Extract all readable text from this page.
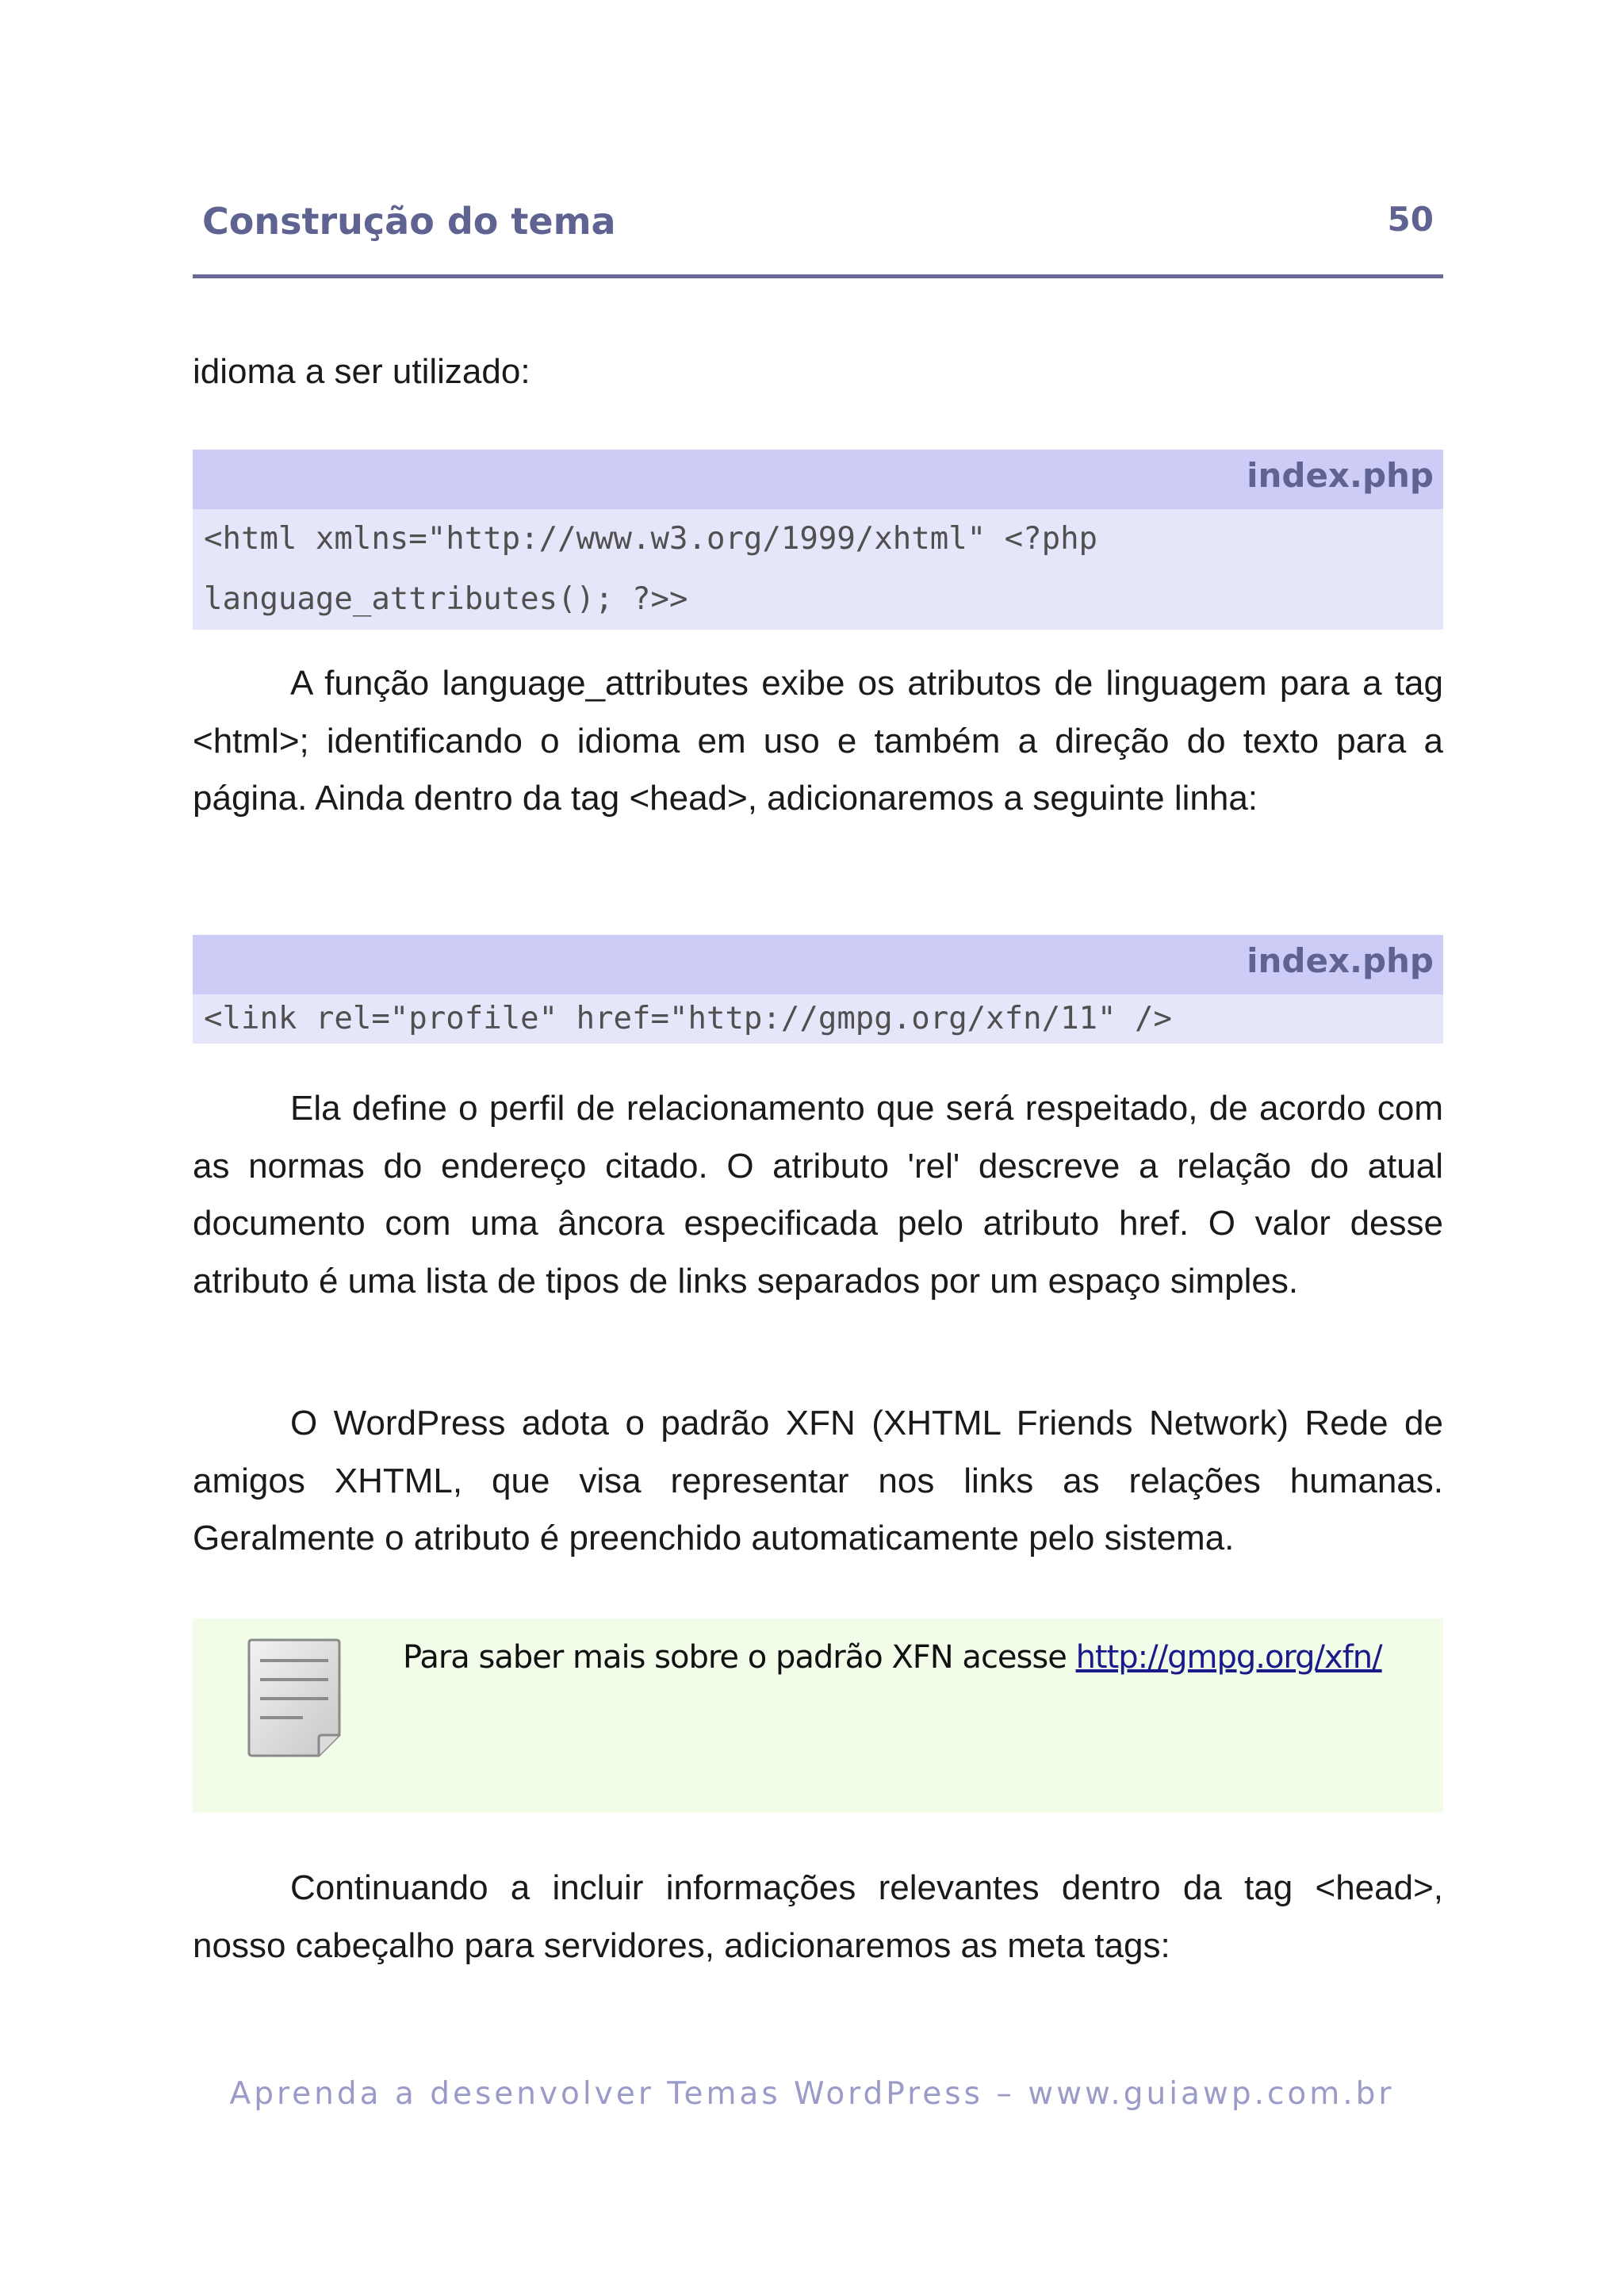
Construção do tema	50
idioma a ser utilizado:
index.php
<html xmlns="http://www.w3.org/1999/xhtml" <?php
language_attributes(); ?>>
A função language_attributes exibe os atributos de linguagem para a tag <html>; identificando o idioma em uso e também a direção do texto para a página. Ainda dentro da tag <head>, adicionaremos a seguinte linha:
index.php
<link rel="profile" href="http://gmpg.org/xfn/11" />
Ela define o perfil de relacionamento que será respeitado, de acordo com as normas do endereço citado. O atributo 'rel' descreve a relação do atual documento com uma âncora especificada pelo atributo href. O valor desse atributo é uma lista de tipos de links separados por um espaço simples.
O WordPress adota o padrão XFN (XHTML Friends Network) Rede de amigos XHTML, que visa representar nos links as relações humanas. Geralmente o atributo é preenchido automaticamente pelo sistema.
Para saber mais sobre o padrão XFN acesse http://gmpg.org/xfn/
Continuando a incluir informações relevantes dentro da tag <head>, nosso cabeçalho para servidores, adicionaremos as meta tags:
Aprenda a desenvolver Temas WordPress – www.guiawp.com.br
